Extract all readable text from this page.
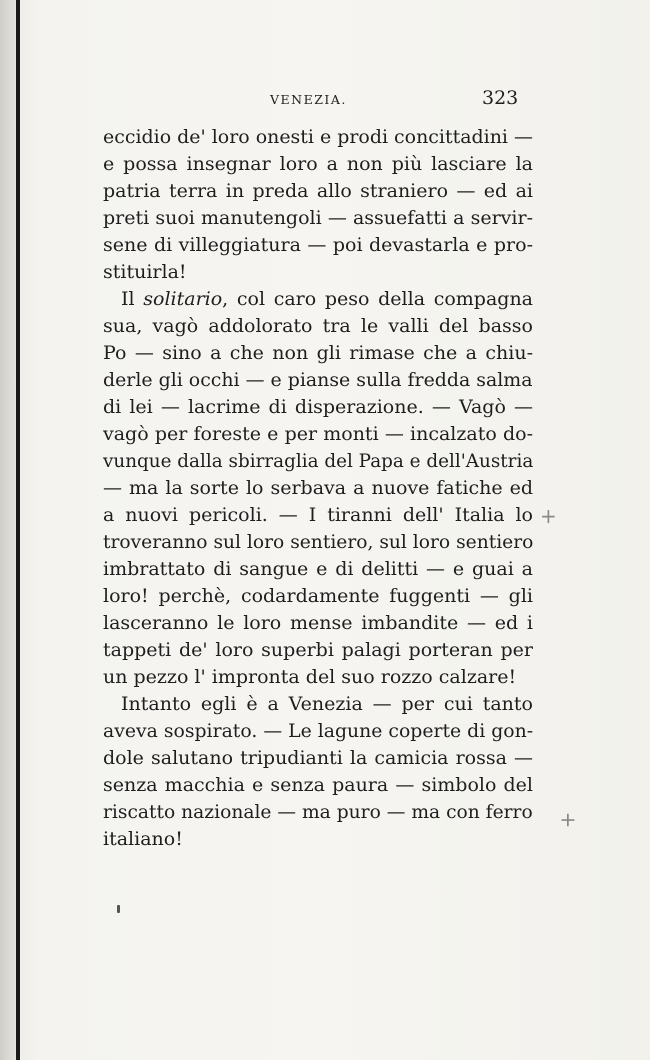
VENEZIA.	323
eccidio de' loro onesti e prodi concittadini —
e possa insegnar loro a non più lasciare la
patria terra in preda allo straniero — ed ai
preti suoi manutengoli — assuefatti a servir-
sene di villeggiatura — poi devastarla e pro-
stituirla!
Il solitario, col caro peso della compagna
sua, vagò addolorato tra le valli del basso
Po — sino a che non gli rimase che a chiu-
derle gli occhi — e pianse sulla fredda salma
di lei — lacrime di disperazione. — Vagò —
vagò per foreste e per monti — incalzato do-
vunque dalla sbirraglia del Papa e dell'Austria
— ma la sorte lo serbava a nuove fatiche ed
a nuovi pericoli. — I tiranni dell' Italia lo
troveranno sul loro sentiero, sul loro sentiero
imbrattato di sangue e di delitti — e guai a
loro! perchè, codardamente fuggenti — gli
lasceranno le loro mense imbandite — ed i
tappeti de' loro superbi palagi porteran per
un pezzo l' impronta del suo rozzo calzare!
Intanto egli è a Venezia — per cui tanto
aveva sospirato. — Le lagune coperte di gon-
dole salutano tripudianti la camicia rossa —
senza macchia e senza paura — simbolo del
riscatto nazionale — ma puro — ma con ferro
italiano!
+
+
